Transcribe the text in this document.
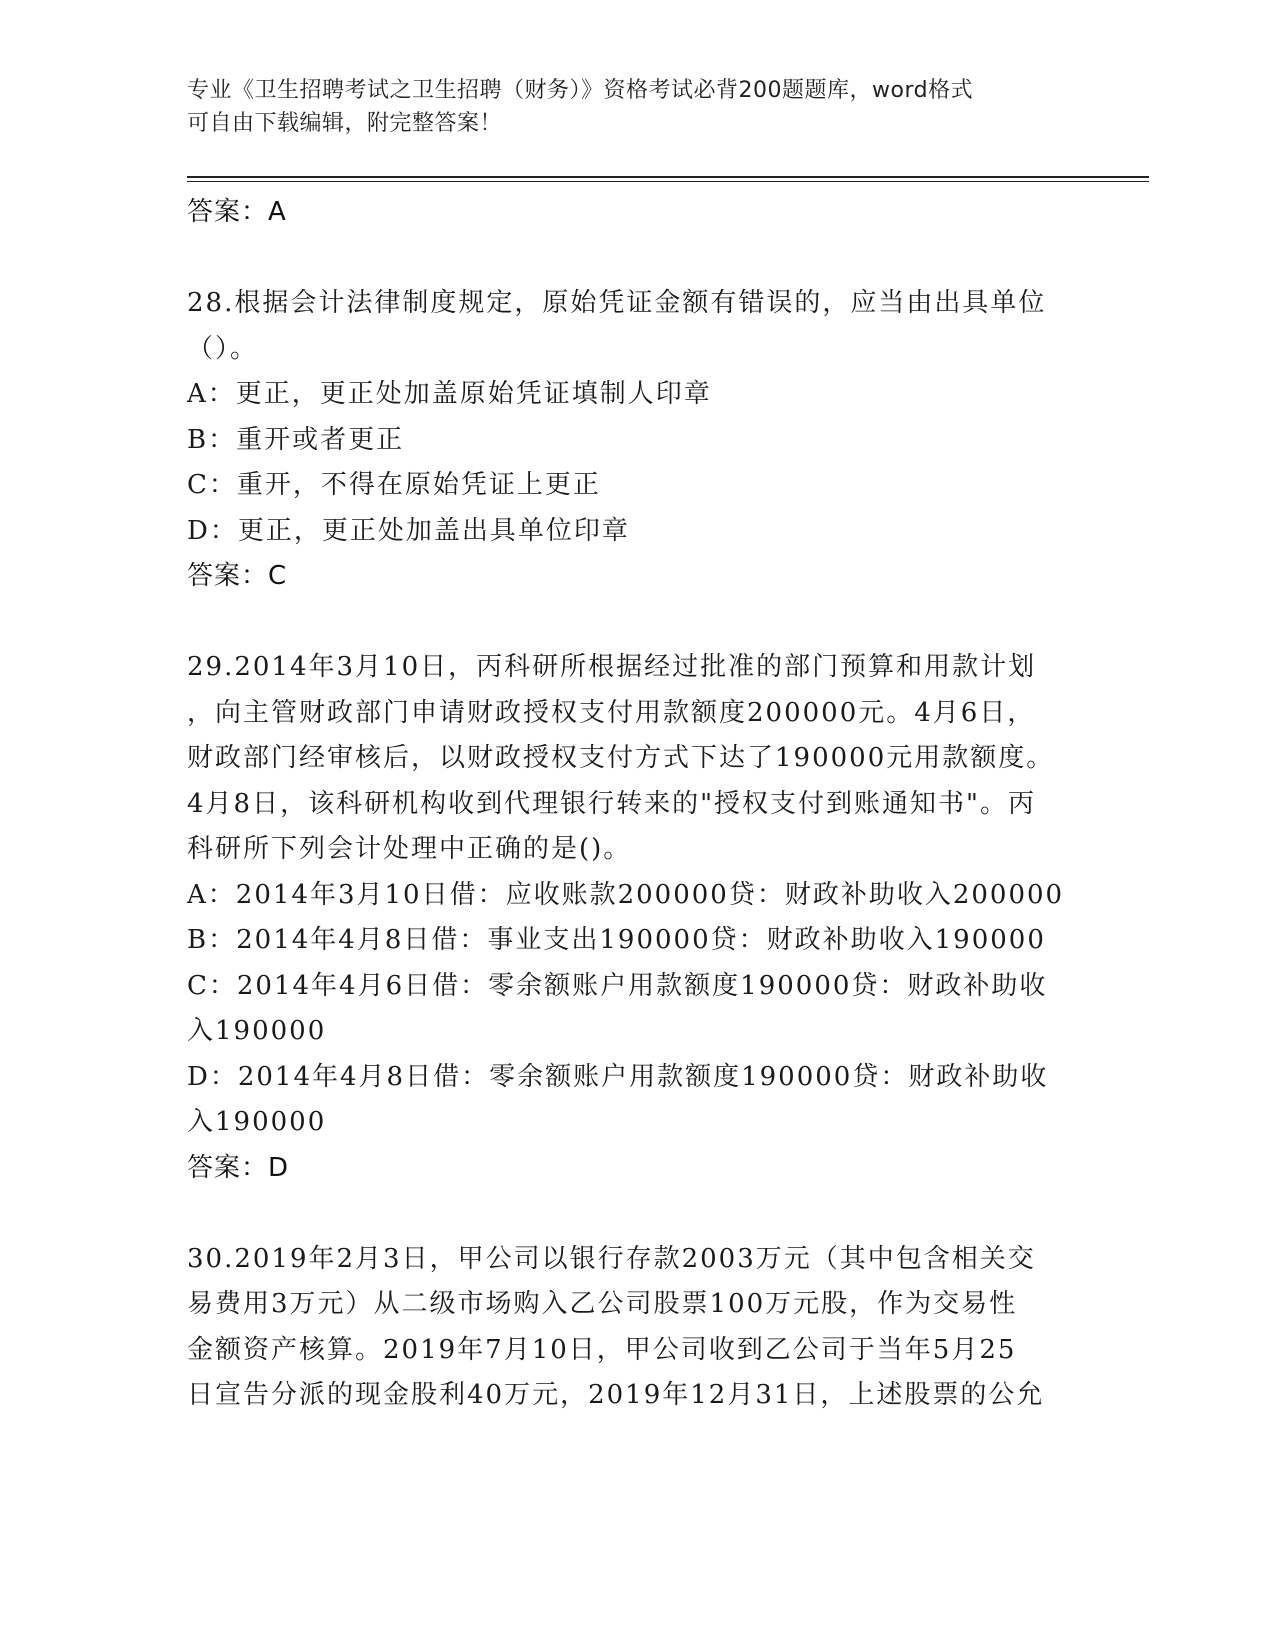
专业《卫生招聘考试之卫生招聘（财务）》资格考试必背200题题库，word格式
可自由下载编辑，附完整答案！
答案：A
28.根据会计法律制度规定，原始凭证金额有错误的，应当由出具单位
（）。
A：更正，更正处加盖原始凭证填制人印章
B：重开或者更正
C：重开，不得在原始凭证上更正
D：更正，更正处加盖出具单位印章
答案：C
29.2014年3月10日，丙科研所根据经过批准的部门预算和用款计划
，向主管财政部门申请财政授权支付用款额度200000元。4月6日，
财政部门经审核后，以财政授权支付方式下达了190000元用款额度。
4月8日，该科研机构收到代理银行转来的"授权支付到账通知书"。丙
科研所下列会计处理中正确的是()。
A：2014年3月10日借：应收账款200000贷：财政补助收入200000
B：2014年4月8日借：事业支出190000贷：财政补助收入190000
C：2014年4月6日借：零余额账户用款额度190000贷：财政补助收
入190000
D：2014年4月8日借：零余额账户用款额度190000贷：财政补助收
入190000
答案：D
30.2019年2月3日，甲公司以银行存款2003万元（其中包含相关交
易费用3万元）从二级市场购入乙公司股票100万元股，作为交易性
金额资产核算。2019年7月10日，甲公司收到乙公司于当年5月25
日宣告分派的现金股利40万元，2019年12月31日，上述股票的公允
